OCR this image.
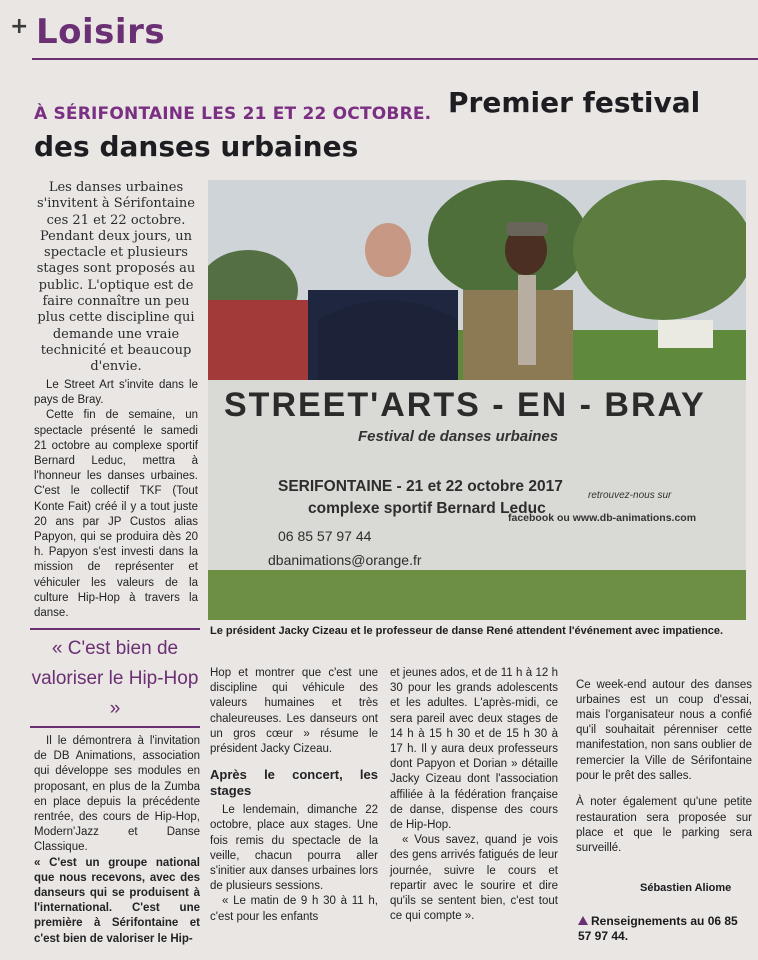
+ Loisirs
À SÉRIFONTAINE LES 21 ET 22 OCTOBRE. Premier festival
des danses urbaines
Les danses urbaines s'invitent à Sérifontaine ces 21 et 22 octobre. Pendant deux jours, un spectacle et plusieurs stages sont proposés au public. L'optique est de faire connaître un peu plus cette discipline qui demande une vraie technicité et beaucoup d'envie.

Le Street Art s'invite dans le pays de Bray.

Cette fin de semaine, un spectacle présenté le samedi 21 octobre au complexe sportif Bernard Leduc, mettra à l'honneur les danses urbaines. C'est le collectif TKF (Tout Konte Fait) créé il y a tout juste 20 ans par JP Custos alias Papyon, qui se produira dès 20 h. Papyon s'est investi dans la mission de représenter et véhiculer les valeurs de la culture Hip-Hop à travers la danse.

« C'est bien de valoriser le Hip-Hop »

Il le démontrera à l'invitation de DB Animations, association qui développe ses modules en proposant, en plus de la Zumba en place depuis la précédente rentrée, des cours de Hip-Hop, Modern'Jazz et Danse Classique.

« C'est un groupe national que nous recevons, avec des danseurs qui se produisent à l'international. C'est une première à Sérifontaine et c'est bien de valoriser le Hip-

STREET'ARTS - EN - BRAY
Festival de danses urbaines
SERIFONTAINE - 21 et 22 octobre 2017
complexe sportif Bernard Leduc
06 85 57 97 44
dbanimations@orange.fr
retrouvez-nous sur
facebook ou www.db-animations.com
Le président Jacky Cizeau et le professeur de danse René attendent l'événement avec impatience.

Hop et montrer que c'est une discipline qui véhicule des valeurs humaines et très chaleureuses. Les danseurs ont un gros cœur » résume le président Jacky Cizeau.

Après le concert, les stages

Le lendemain, dimanche 22 octobre, place aux stages. Une fois remis du spectacle de la veille, chacun pourra aller s'initier aux danses urbaines lors de plusieurs sessions.

« Le matin de 9 h 30 à 11 h, c'est pour les enfants

et jeunes ados, et de 11 h à 12 h 30 pour les grands adolescents et les adultes. L'après-midi, ce sera pareil avec deux stages de 14 h à 15 h 30 et de 15 h 30 à 17 h. Il y aura deux professeurs dont Papyon et Dorian » détaille Jacky Cizeau dont l'association affiliée à la fédération française de danse, dispense des cours de Hip-Hop.

« Vous savez, quand je vois des gens arrivés fatigués de leur journée, suivre le cours et repartir avec le sourire et dire qu'ils se sentent bien, c'est tout ce qui compte ».

Ce week-end autour des danses urbaines est un coup d'essai, mais l'organisateur nous a confié qu'il souhaitait pérenniser cette manifestation, non sans oublier de remercier la Ville de Sérifontaine pour le prêt des salles.

À noter également qu'une petite restauration sera proposée sur place et que le parking sera surveillé.

Sébastien Aliome
Renseignements au 06 85 57 97 44.
